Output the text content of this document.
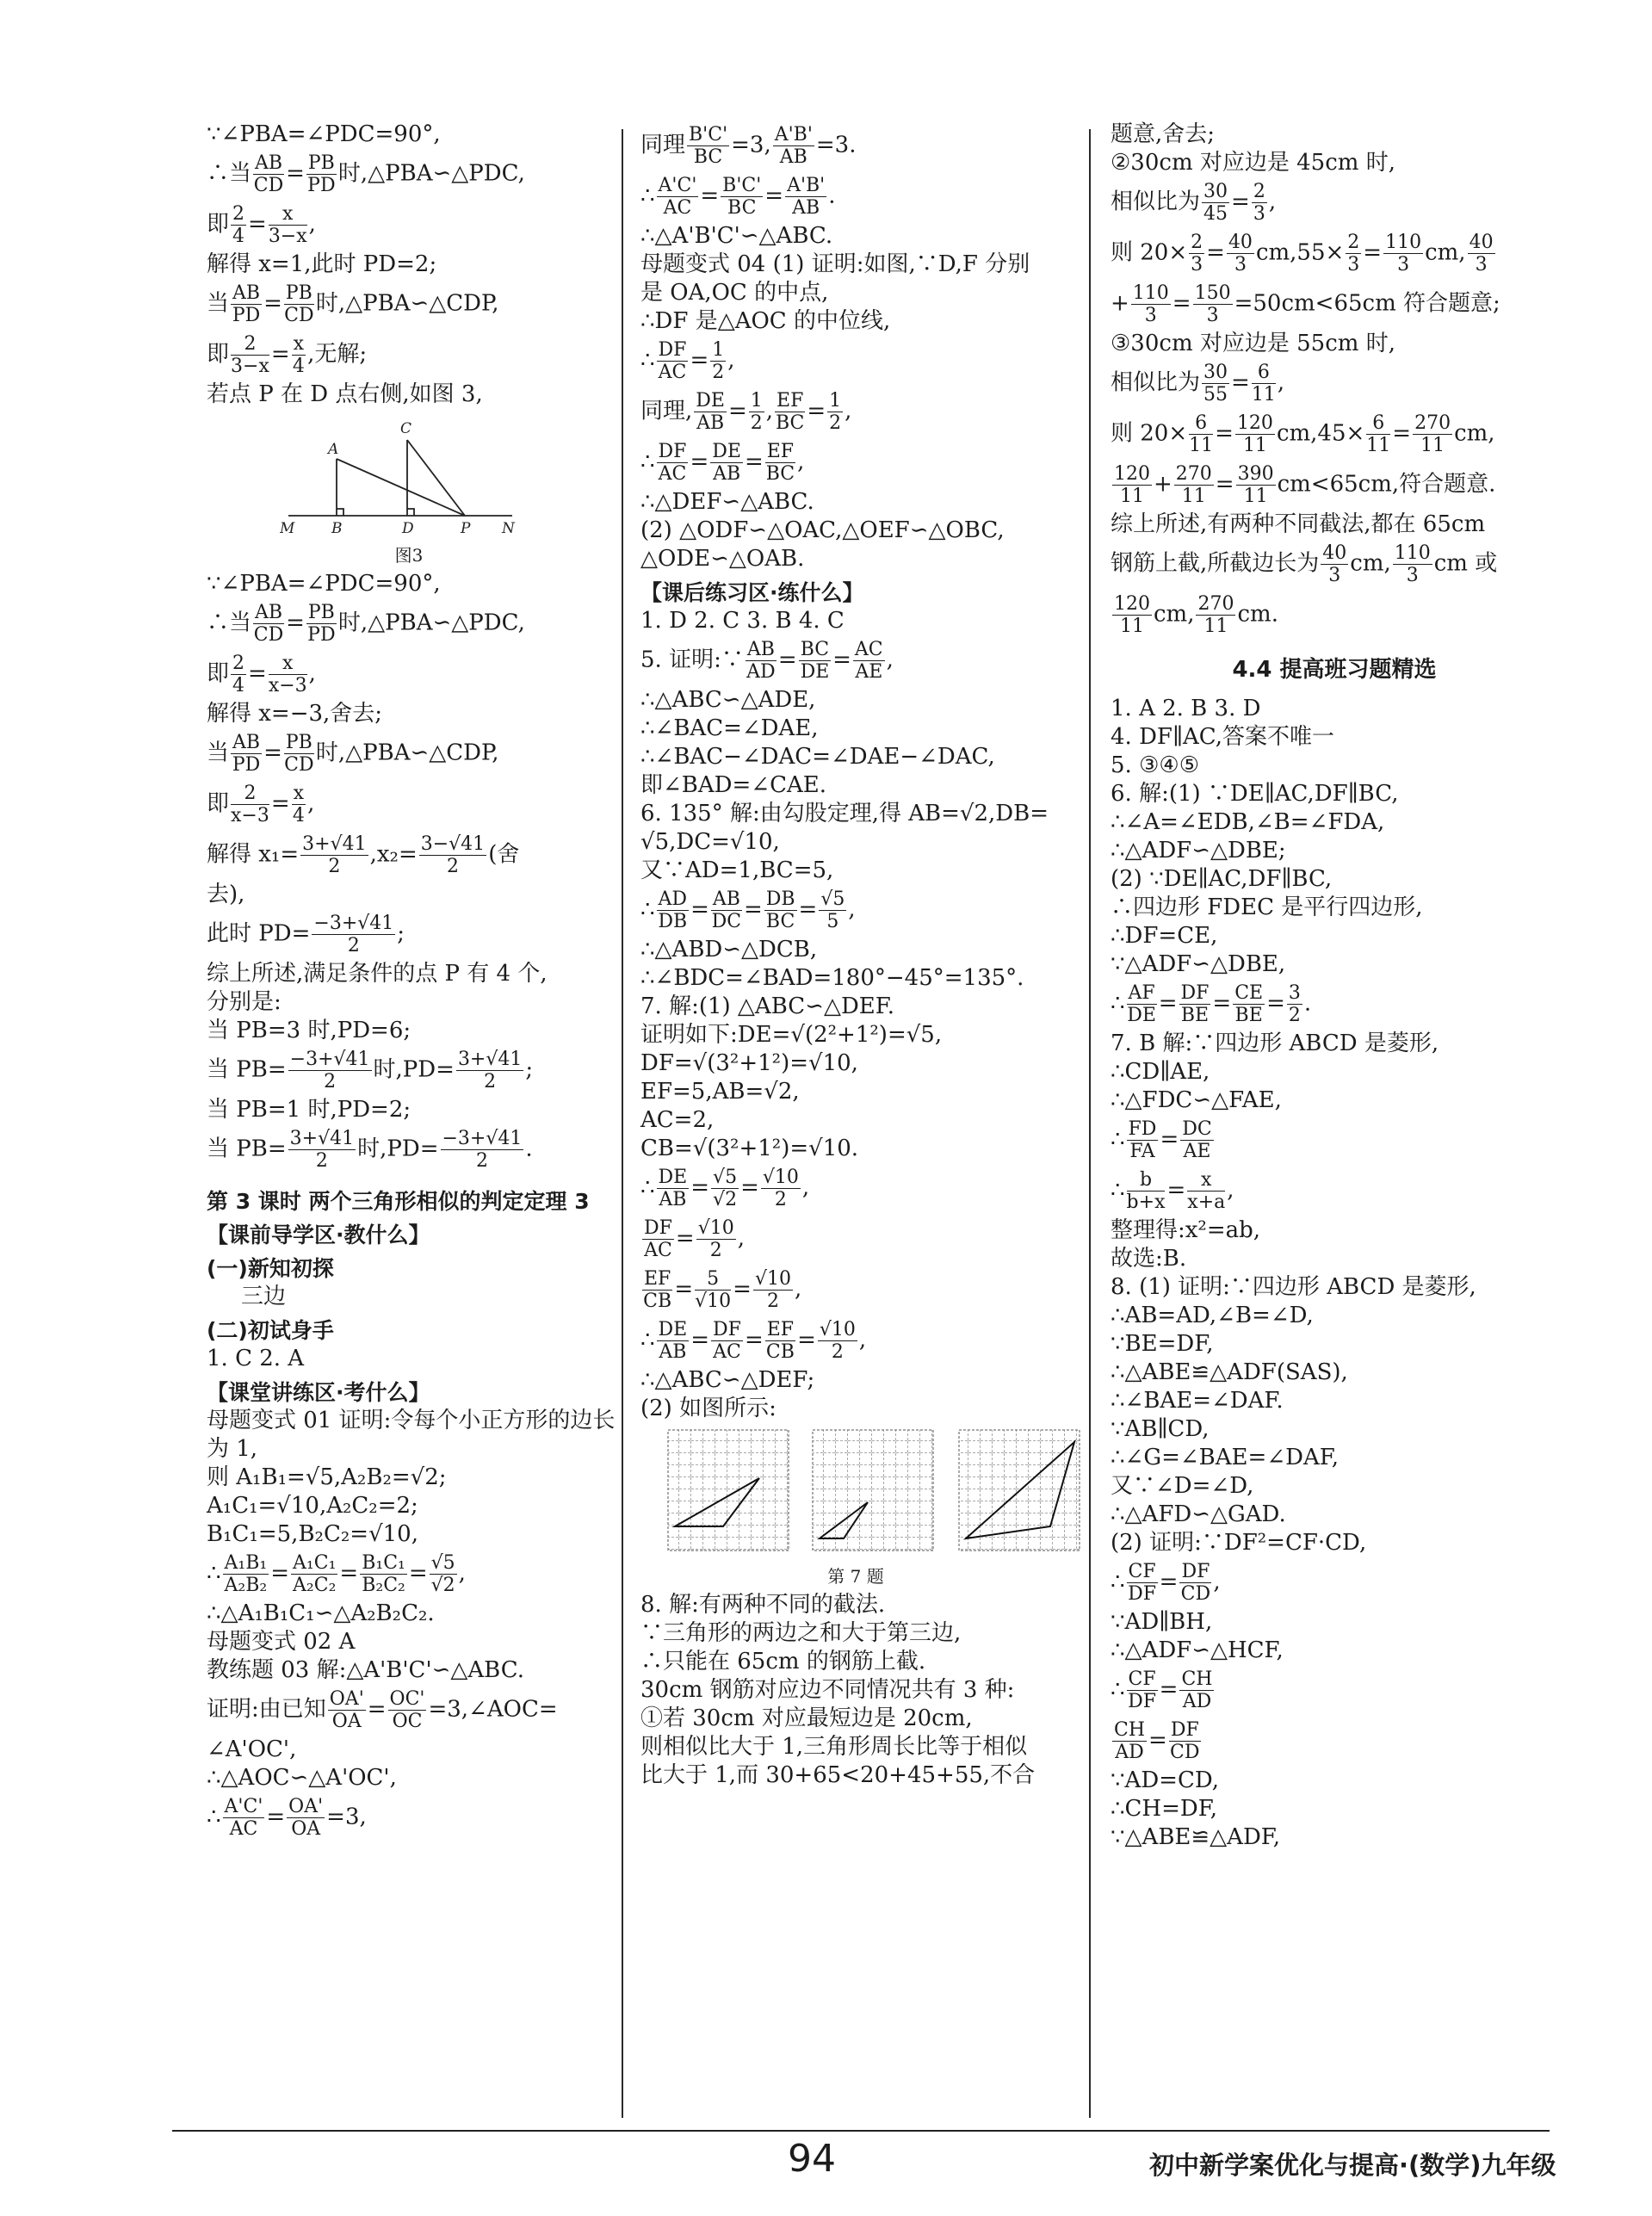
∵∠PBA=∠PDC=90°,
∴当 $\frac{AB}{CD} = \frac{PB}{PD}$ 时,△PBA∽△PDC,
即 $\frac{2}{4} = \frac{x}{3-x}$ ,
解得 x=1,此时 PD=2;
当 $\frac{AB}{PD} = \frac{PB}{CD}$ 时,△PBA∽△CDP,
即 $\frac{2}{3-x} = \frac{x}{4}$ ,无解;
若点 P 在 D 点右侧,如图 3,
A
C
M	B	D	P N
图3
∵∠PBA=∠PDC=90°,
∴当 $\frac{AB}{CD} = \frac{PB}{PD}$ 时,△PBA∽△PDC,
即 $\frac{2}{4} = \frac{x}{x-3}$ ,
解得 x=−3,舍去;
当 $\frac{AB}{PD} = \frac{PB}{CD}$ 时,△PBA∽△CDP,
即 $\frac{2}{x-3} = \frac{x}{4}$ ,
解得 $x_1= \frac{3+√41}{2} ,x_2= \frac{3-√41}{2}$ (舍
去),
此时 $PD= \frac{-3+√41}{2}$ ;
综上所述,满足条件的点 P 有 4 个,
分别是:
当 PB=3 时,PD=6;
当 $PB= \frac{-3+√41}{2}$ 时$,PD= \frac{3+√41}{2}$ ;
当 PB=1 时,PD=2;
当 $PB= \frac{3+√41}{2}$ 时$,PD= \frac{-3+√41}{2}$ .
第 3 课时 两个三角形相似的判定定理 3
【课前导学区·教什么】
(一)新知初探
三边
(二)初试身手
1. C 2. A
【课堂讲练区·考什么】
母题变式 01 证明:令每个小正方形的边长
为 1,
则 A₁B₁=√5,A₂B₂=√2;
A₁C₁=√10,A₂C₂=2;
B₁C₁=5,B₂C₂=√10,
∴ $\frac{\text{A₁B₁}}{\text{A₂B₂}} = \frac{\text{A₁C₁}}{\text{A₂C₂}} = \frac{\text{B₁C₁}}{\text{B₂C₂}} = \frac{√5}{√2}$ ,
∴△A₁B₁C₁∽△A₂B₂C₂.
母题变式 02 A
教练题 03 解:△A'B'C'∽△ABC.
证明:由已知 $\frac{OA'}{OA} = \frac{OC'}{OC}$ =3,∠AOC=
∠A'OC',
∴△AOC∽△A'OC',
∴ $\frac{A'C'}{AC} = \frac{OA'}{OA} =3$,
同理 $\frac{B'C'}{BC} =3$, $\frac{A'B'}{AB} =3$.
∴ $\frac{A'C'}{AC} = \frac{B'C'}{BC} = \frac{A'B'}{AB}$ .
∴△A'B'C'∽△ABC.
母题变式 04 (1) 证明:如图,∵D,F 分别
是 OA,OC 的中点,
∴DF 是△AOC 的中位线,
∴ $\frac{DF}{AC} = \frac{1}{2}$ ,
同理, $\frac{DE}{AB} = \frac{1}{2}$ , $\frac{EF}{BC} = \frac{1}{2}$ ,
∴ $\frac{DF}{AC} = \frac{DE}{AB} = \frac{EF}{BC}$ ,
∴△DEF∽△ABC.
(2) △ODF∽△OAC,△OEF∽△OBC,
△ODE∽△OAB.
【课后练习区·练什么】
1. D 2. C 3. B 4. C
5. 证明:∵ $\frac{AB}{AD} = \frac{BC}{DE} = \frac{AC}{AE}$ ,
∴△ABC∽△ADE,
∴∠BAC=∠DAE,
∴∠BAC−∠DAC=∠DAE−∠DAC,
即∠BAD=∠CAE.
6. 135° 解:由勾股定理,得 AB=√2,DB=
√5,DC=√10,
又∵AD=1,BC=5,
∴ $\frac{AD}{DB} = \frac{AB}{DC} = \frac{DB}{BC} = \frac{√5}{5}$ ,
∴△ABD∽△DCB,
∴∠BDC=∠BAD=180°−45°=135°.
7. 解:(1) △ABC∽△DEF.
证明如下:DE=√(2²+1²)=√5,
DF=√(3²+1²)=√10,
EF=5,AB=√2,
AC=2,
CB=√(3²+1²)=√10.
∴ $\frac{DE}{AB} = \frac{√5}{√2} = \frac{√10}{2}$ ,
$\frac{DF}{AC} = \frac{√10}{2}$ ,
$\frac{EF}{CB} = \frac{5}{√10} = \frac{√10}{2}$ ,
∴ $\frac{DE}{AB} = \frac{DF}{AC} = \frac{EF}{CB} = \frac{√10}{2}$ ,
∴△ABC∽△DEF;
(2) 如图所示:
第 7 题
8. 解:有两种不同的截法.
∵三角形的两边之和大于第三边,
∴只能在 65cm 的钢筋上截.
30cm 钢筋对应边不同情况共有 3 种:
①若 30cm 对应最短边是 20cm,
则相似比大于 1,三角形周长比等于相似
比大于 1,而 30+65<20+45+55,不合
题意,舍去;
②30cm 对应边是 45cm 时,
相似比为 $\frac{30}{45} = \frac{2}{3}$ ,
则 $20\times \frac{2}{3} = \frac{40}{3} cm,55\times \frac{2}{3} = \frac{110}{3}$ cm, $\frac{40}{3}$
+ $\frac{110}{3} = \frac{150}{3} =50cm<65cm$ 符合题意;
③30cm 对应边是 55cm 时,
相似比为 $\frac{30}{55} = \frac{6}{11}$ ,
则 $20\times \frac{6}{11} = \frac{120}{11} cm,45\times \frac{6}{11} = \frac{270}{11}$ cm,
$\frac{120}{11} + \frac{270}{11} = \frac{390}{11} cm<65cm$,符合题意.
综上所述,有两种不同截法,都在 65cm
钢筋上截,所截边长为 $\frac{40}{3}$ cm, $\frac{110}{3}$ cm 或
$\frac{120}{11}$ cm, $\frac{270}{11}$ cm.
4.4 提高班习题精选
1. A 2. B 3. D
4. DF∥AC,答案不唯一
5. ③④⑤
6. 解:(1) ∵DE∥AC,DF∥BC,
∴∠A=∠EDB,∠B=∠FDA,
∴△ADF∽△DBE;
(2) ∵DE∥AC,DF∥BC,
∴四边形 FDEC 是平行四边形,
∴DF=CE,
∵△ADF∽△DBE,
∴ $\frac{AF}{DE} = \frac{DF}{BE} = \frac{CE}{BE} = \frac{3}{2}$ .
7. B 解:∵四边形 ABCD 是菱形,
∴CD∥AE,
∴△FDC∽△FAE,
∴ $\frac{FD}{FA} = \frac{DC}{AE}$
∴ $\frac{b}{b+x} = \frac{x}{x+a}$ ,
整理得:x²=ab,
故选:B.
8. (1) 证明:∵四边形 ABCD 是菱形,
∴AB=AD,∠B=∠D,
∵BE=DF,
∴△ABE≌△ADF(SAS),
∴∠BAE=∠DAF.
∵AB∥CD,
∴∠G=∠BAE=∠DAF,
又∵∠D=∠D,
∴△AFD∽△GAD.
(2) 证明:∵DF²=CF·CD,
∴ $\frac{CF}{DF} = \frac{DF}{CD}$ ,
∵AD∥BH,
∴△ADF∽△HCF,
∴ $\frac{CF}{DF} = \frac{CH}{AD}$
$\frac{CH}{AD} = \frac{DF}{CD}$
∵AD=CD,
∴CH=DF,
∵△ABE≌△ADF,
94	初中新学案优化与提高·(数学)九年级
